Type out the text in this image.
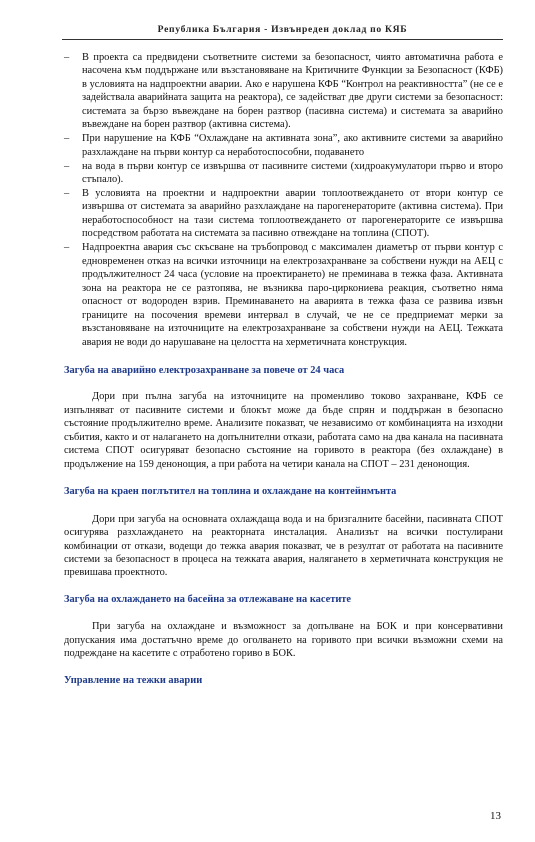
Република България - Извънреден доклад по КЯБ
– В проекта са предвидени съответните системи за безопасност, чиято автоматична работа е насочена към поддържане или възстановяване на Критичните Функции за Безопасност (КФБ) в условията на надпроектни аварии. Ако е нарушена КФБ “Контрол на реактивността” (не се е задействала аварийната защита на реактора), се задействат две други системи за безопасност: системата за бързо въвеждане на борен разтвор (пасивна система) и системата за аварийно въвеждане на борен разтвор (активна система).
– При нарушение на КФБ “Охлаждане на активната зона”, ако активните системи за аварийно разхлаждане на първи контур са неработоспособни, подаването
– на вода в първи контур се извършва от пасивните системи (хидроакумулатори първо и второ стъпало).
– В условията на проектни и надпроектни аварии топлоотвеждането от втори контур се извършва от системата за аварийно разхлаждане на парогенераторите (активна система). При неработоспособност на тази система топлоотвеждането от парогенераторите се извършва посредством работата на системата за пасивно отвеждане на топлина (СПОТ).
– Надпроектна авария със скъсване на тръбопровод с максимален диаметър от първи контур с едновременен отказ на всички източници на електрозахранване за собствени нужди на АЕЦ с продължителност 24 часа (условие на проектирането) не преминава в тежка фаза. Активната зона на реактора не се разтопява, не възниква паро-циркониева реакция, съответно няма опасност от водороден взрив. Преминаването на аварията в тежка фаза се развива извън границите на посочения времеви интервал в случай, че не се предприемат мерки за възстановяване на източниците на електрозахранване за собствени нужди на АЕЦ. Тежката авария не води до нарушаване на целостта на херметичната конструкция.
Загуба на аварийно електрозахранване за повече от 24 часа

Дори при пълна загуба на източниците на променливо токово захранване, КФБ се изпълняват от пасивните системи и блокът може да бъде спрян и поддържан в безопасно състояние продължително време. Анализите показват, че независимо от комбинацията на изходни събития, както и от налагането на допълнителни откази, работата само на два канала на пасивната система СПОТ осигуряват безопасно състояние на горивото в реактора (без охлаждане) в продължение на 159 денонощия, а при работа на четири канала на СПОТ – 231 денонощия.

Загуба на краен поглътител на топлина и охлаждане на контейнмънта

Дори при загуба на основната охлаждаща вода и на бризгалните басейни, пасивната СПОТ осигурява разхлаждането на реакторната инсталация. Анализът на всички постулирани комбинации от откази, водещи до тежка авария показват, че в резултат от работата на пасивните системи за безопасност в процеса на тежката авария, налягането в херметичната конструкция не превишава проектното.

Загуба на охлаждането на басейна за отлежаване на касетите

При загуба на охлаждане и възможност за допълване на БОК и при консервативни допускания има достатъчно време до оголването на горивото при всички възможни схеми на подреждане на касетите с отработено гориво в БОК.

Управление на тежки аварии
13
